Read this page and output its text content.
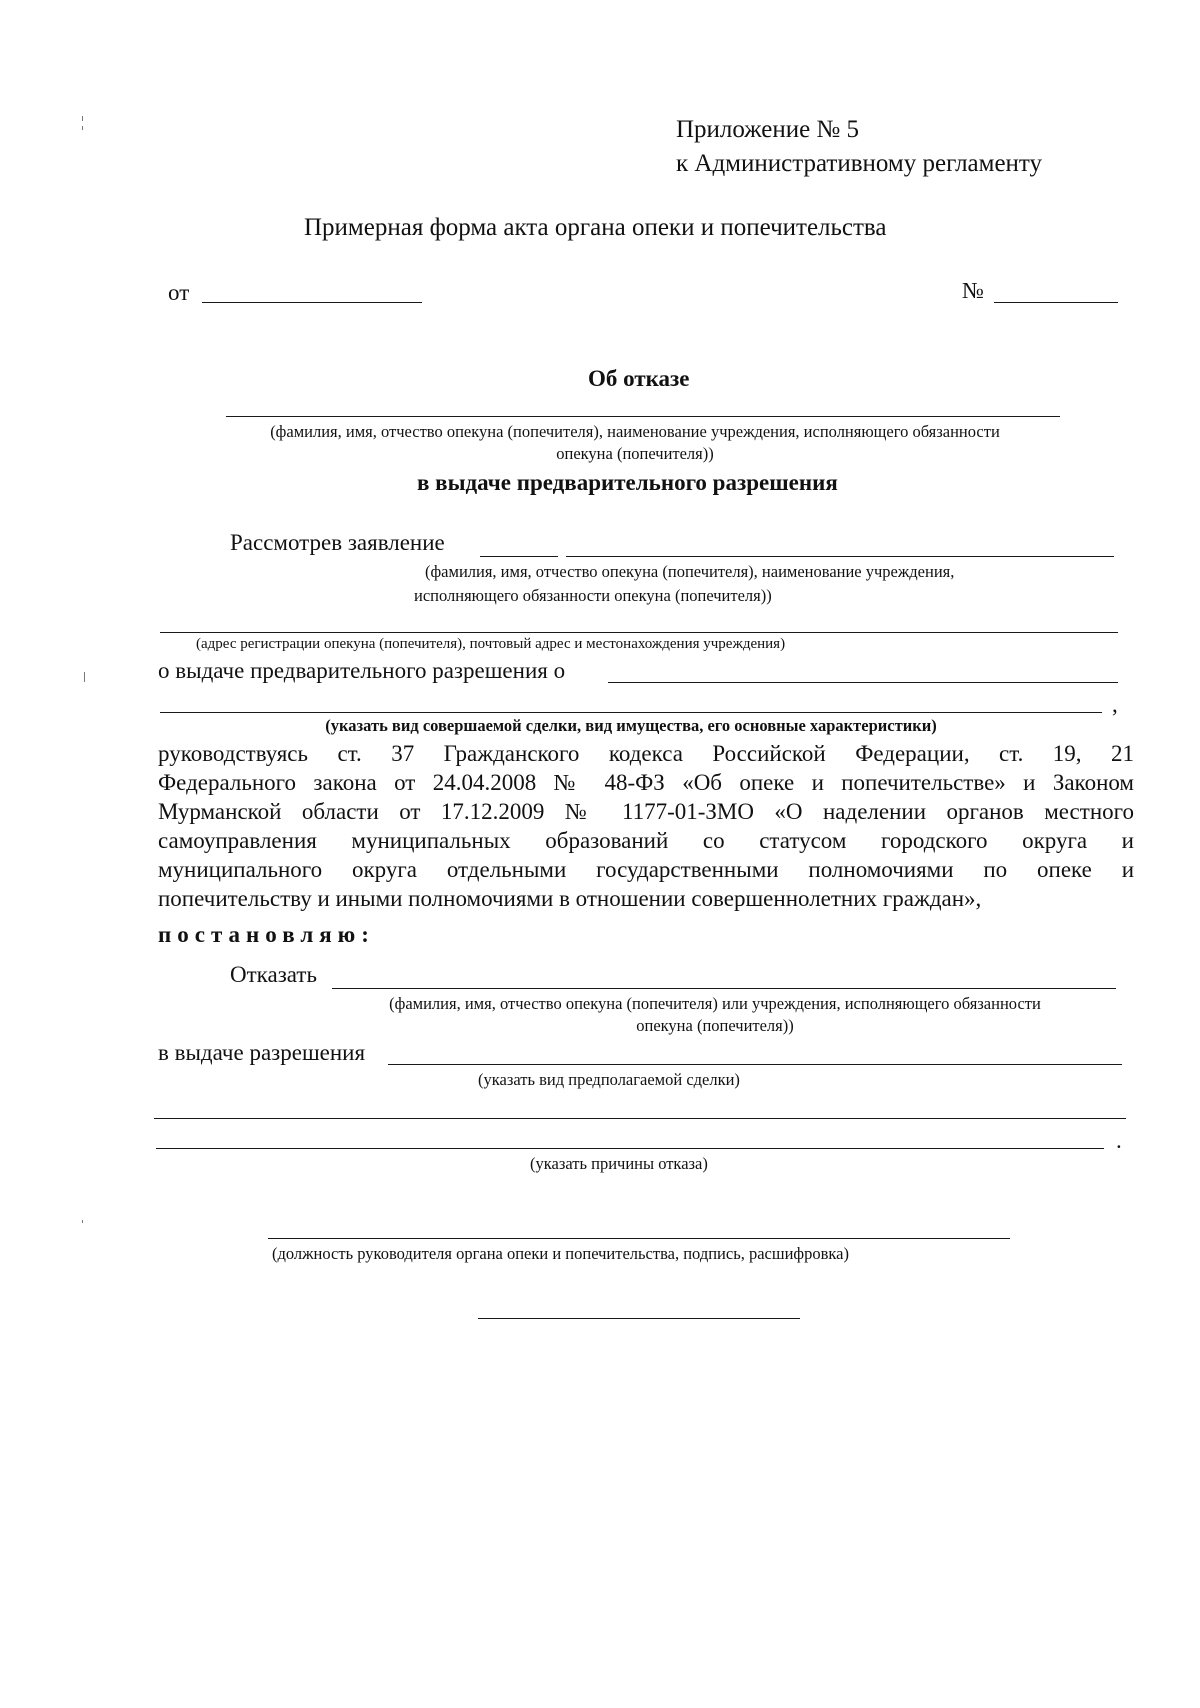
Приложение № 5
к Административному регламенту
Примерная форма акта органа опеки и попечительства
от	№
Об отказе
(фамилия, имя, отчество опекуна (попечителя), наименование учреждения, исполняющего обязанности
опекуна (попечителя))
в выдаче предварительного разрешения
Рассмотрев заявление
(фамилия, имя, отчество опекуна (попечителя), наименование учреждения,
исполняющего обязанности опекуна (попечителя))
(адрес регистрации опекуна (попечителя), почтовый адрес и местонахождения учреждения)
о выдаче предварительного разрешения о
,
(указать вид совершаемой сделки, вид имущества, его основные характеристики)
руководствуясь ст. 37 Гражданского кодекса Российской Федерации, ст. 19, 21
Федерального закона от 24.04.2008 № 48-ФЗ «Об опеке и попечительстве» и Законом
Мурманской области от 17.12.2009 № 1177-01-ЗМО «О наделении органов местного
самоуправления муниципальных образований со статусом городского округа и
муниципального округа отдельными государственными полномочиями по опеке и
попечительству и иными полномочиями в отношении совершеннолетних граждан»,
постановляю:
Отказать
(фамилия, имя, отчество опекуна (попечителя) или учреждения, исполняющего обязанности
опекуна (попечителя))
в выдаче разрешения
(указать вид предполагаемой сделки)
.
(указать причины отказа)
(должность руководителя органа опеки и попечительства, подпись, расшифровка)
